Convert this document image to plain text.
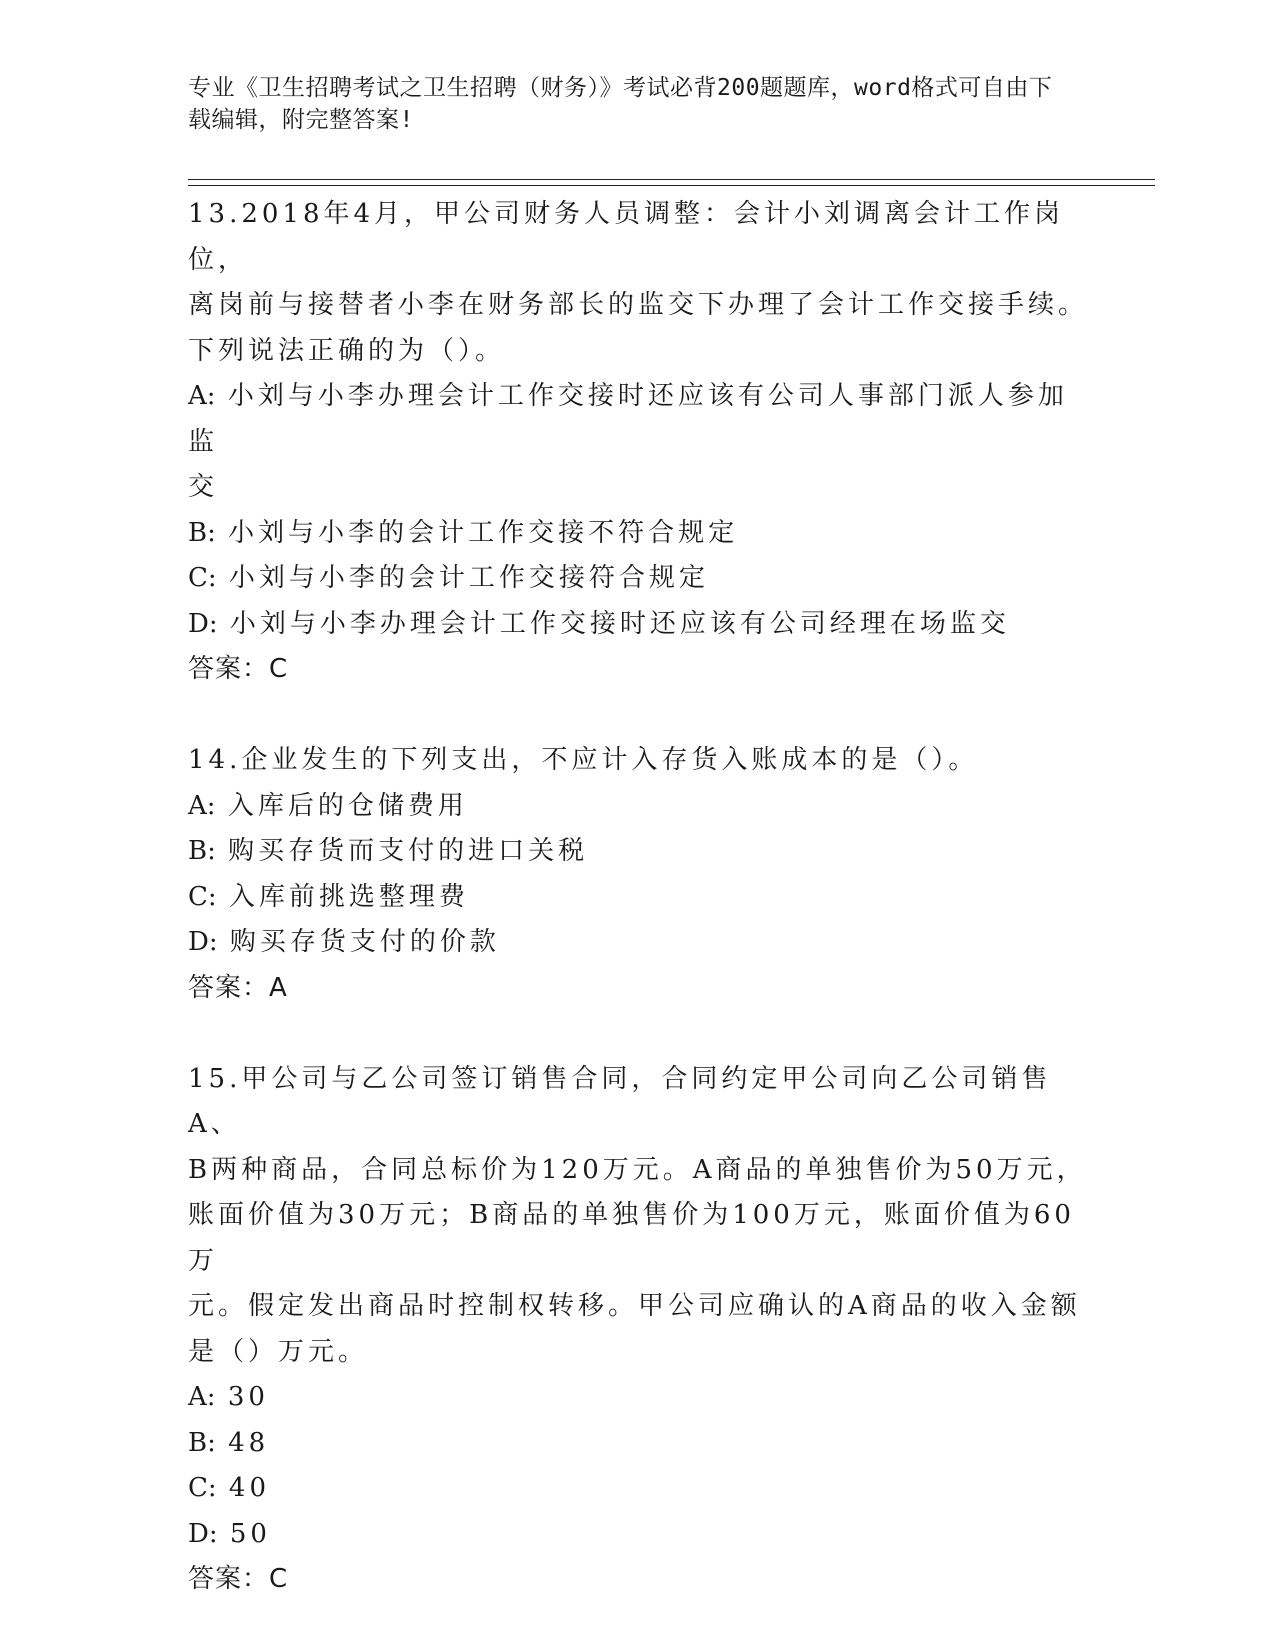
专业《卫生招聘考试之卫生招聘（财务）》考试必背200题题库，word格式可自由下载编辑，附完整答案!
13.2018年4月，甲公司财务人员调整：会计小刘调离会计工作岗位，
离岗前与接替者小李在财务部长的监交下办理了会计工作交接手续。
下列说法正确的为（）。
A: 小刘与小李办理会计工作交接时还应该有公司人事部门派人参加监
交
B: 小刘与小李的会计工作交接不符合规定
C: 小刘与小李的会计工作交接符合规定
D: 小刘与小李办理会计工作交接时还应该有公司经理在场监交
答案：C
14.企业发生的下列支出，不应计入存货入账成本的是（）。
A: 入库后的仓储费用
B: 购买存货而支付的进口关税
C: 入库前挑选整理费
D: 购买存货支付的价款
答案：A
15.甲公司与乙公司签订销售合同，合同约定甲公司向乙公司销售A、
B两种商品，合同总标价为120万元。A商品的单独售价为50万元，
账面价值为30万元；B商品的单独售价为100万元，账面价值为60万
元。假定发出商品时控制权转移。甲公司应确认的A商品的收入金额
是（）万元。
A: 30
B: 48
C: 40
D: 50
答案：C
